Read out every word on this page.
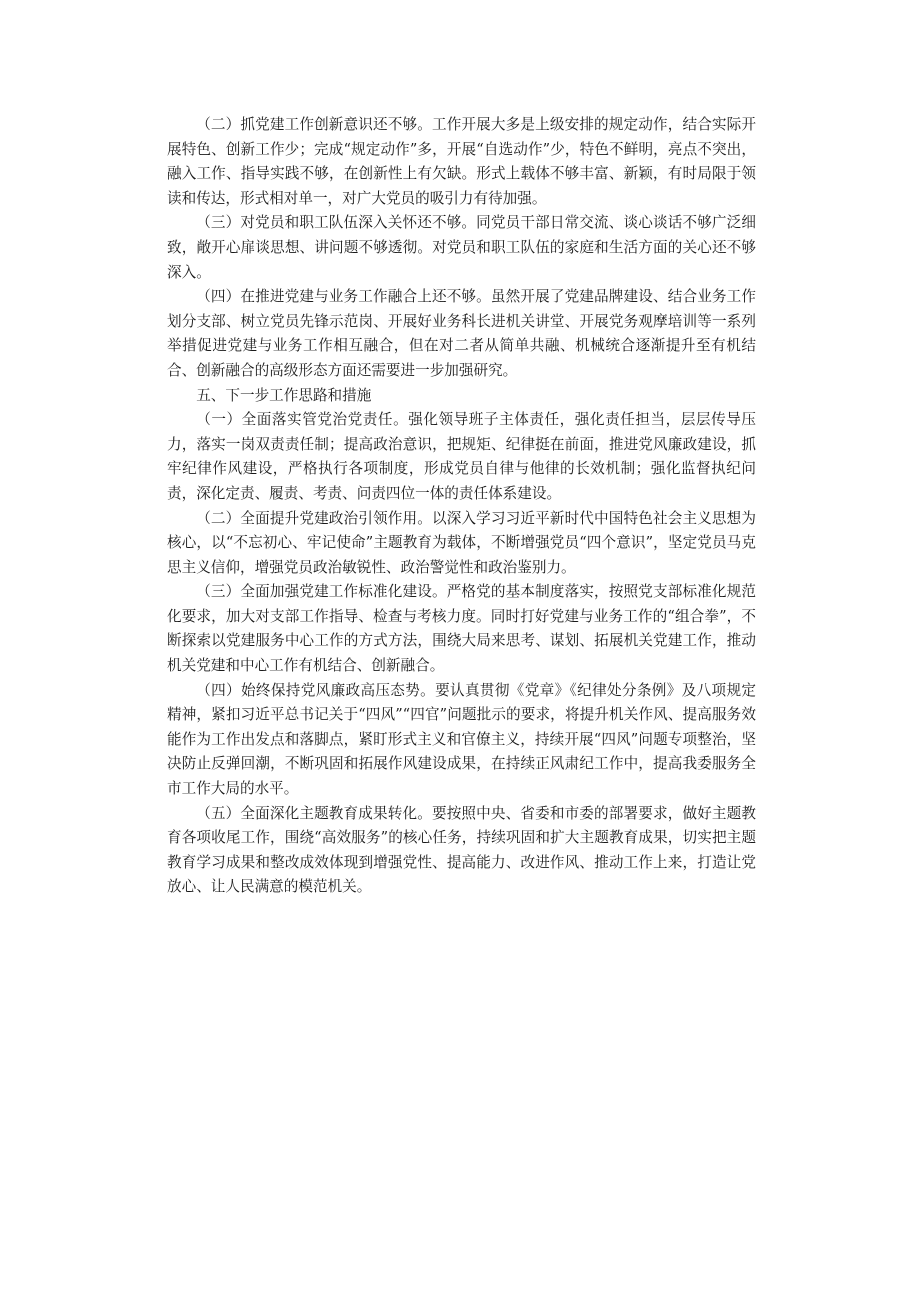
（二）抓党建工作创新意识还不够。工作开展大多是上级安排的规定动作，结合实际开展特色、创新工作少；完成“规定动作”多，开展“自选动作”少，特色不鲜明，亮点不突出，融入工作、指导实践不够，在创新性上有欠缺。形式上载体不够丰富、新颖，有时局限于领读和传达，形式相对单一，对广大党员的吸引力有待加强。

（三）对党员和职工队伍深入关怀还不够。同党员干部日常交流、谈心谈话不够广泛细致，敞开心扉谈思想、讲问题不够透彻。对党员和职工队伍的家庭和生活方面的关心还不够深入。

（四）在推进党建与业务工作融合上还不够。虽然开展了党建品牌建设、结合业务工作划分支部、树立党员先锋示范岗、开展好业务科长进机关讲堂、开展党务观摩培训等一系列举措促进党建与业务工作相互融合，但在对二者从简单共融、机械统合逐渐提升至有机结合、创新融合的高级形态方面还需要进一步加强研究。

五、下一步工作思路和措施

（一）全面落实管党治党责任。强化领导班子主体责任，强化责任担当，层层传导压力，落实一岗双责责任制；提高政治意识，把规矩、纪律挺在前面，推进党风廉政建设，抓牢纪律作风建设，严格执行各项制度，形成党员自律与他律的长效机制；强化监督执纪问责，深化定责、履责、考责、问责四位一体的责任体系建设。

（二）全面提升党建政治引领作用。以深入学习习近平新时代中国特色社会主义思想为核心，以“不忘初心、牢记使命”主题教育为载体，不断增强党员“四个意识”，坚定党员马克思主义信仰，增强党员政治敏锐性、政治警觉性和政治鉴别力。

（三）全面加强党建工作标准化建设。严格党的基本制度落实，按照党支部标准化规范化要求，加大对支部工作指导、检查与考核力度。同时打好党建与业务工作的“组合拳”，不断探索以党建服务中心工作的方式方法，围绕大局来思考、谋划、拓展机关党建工作，推动机关党建和中心工作有机结合、创新融合。

（四）始终保持党风廉政高压态势。要认真贯彻《党章》《纪律处分条例》及八项规定精神，紧扣习近平总书记关于“四风”“四官”问题批示的要求，将提升机关作风、提高服务效能作为工作出发点和落脚点，紧盯形式主义和官僚主义，持续开展“四风”问题专项整治，坚决防止反弹回潮，不断巩固和拓展作风建设成果，在持续正风肃纪工作中，提高我委服务全市工作大局的水平。

（五）全面深化主题教育成果转化。要按照中央、省委和市委的部署要求，做好主题教育各项收尾工作，围绕“高效服务”的核心任务，持续巩固和扩大主题教育成果，切实把主题教育学习成果和整改成效体现到增强党性、提高能力、改进作风、推动工作上来，打造让党放心、让人民满意的模范机关。
